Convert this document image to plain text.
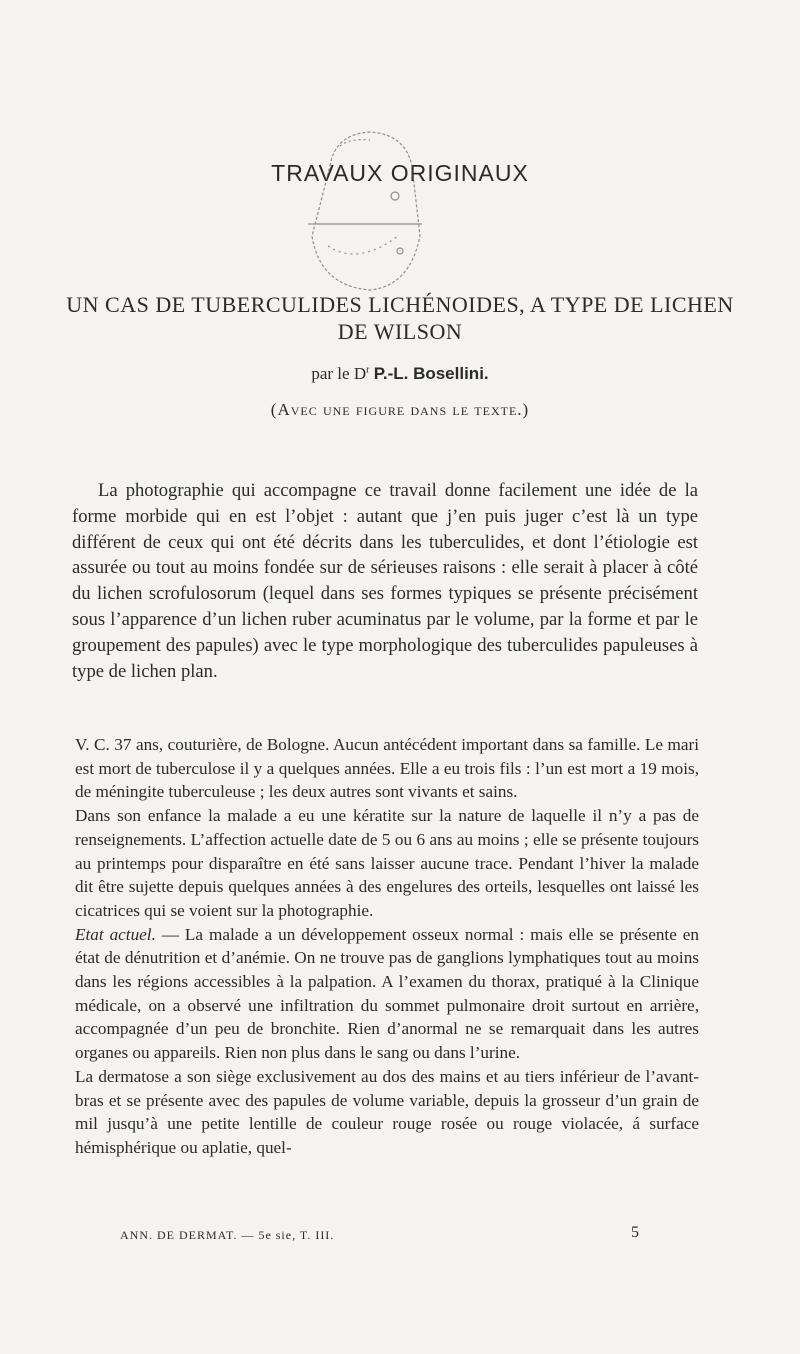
TRAVAUX ORIGINAUX
UN CAS DE TUBERCULIDES LICHÉNOIDES, A TYPE DE LICHEN
DE WILSON
par le $D^r$ P.-L. Bosellini.
(Avec une figure dans le texte.)

La photographie qui accompagne ce travail donne facilement une idée de la forme morbide qui en est l’objet : autant que j’en puis juger c’est là un type différent de ceux qui ont été décrits dans les tuberculides, et dont l’étiologie est assurée ou tout au moins fondée sur de sérieuses raisons : elle serait à placer à côté du lichen scrofulosorum (lequel dans ses formes typiques se présente précisément sous l’apparence d’un lichen ruber acuminatus par le volume, par la forme et par le groupement des papules) avec le type morphologique des tuberculides papuleuses à type de lichen plan.

V. C. 37 ans, couturière, de Bologne. Aucun antécédent important dans sa famille. Le mari est mort de tuberculose il y a quelques années. Elle a eu trois fils : l’un est mort a 19 mois, de méningite tuberculeuse ; les deux autres sont vivants et sains.

Dans son enfance la malade a eu une kératite sur la nature de laquelle il n’y a pas de renseignements. L’affection actuelle date de 5 ou 6 ans au moins ; elle se présente toujours au printemps pour disparaître en été sans laisser aucune trace. Pendant l’hiver la malade dit être sujette depuis quelques années à des engelures des orteils, lesquelles ont laissé les cicatrices qui se voient sur la photographie.

Etat actuel. — La malade a un développement osseux normal : mais elle se présente en état de dénutrition et d’anémie. On ne trouve pas de ganglions lymphatiques tout au moins dans les régions accessibles à la palpation. A l’examen du thorax, pratiqué à la Clinique médicale, on a observé une infiltration du sommet pulmonaire droit surtout en arrière, accompagnée d’un peu de bronchite. Rien d’anormal ne se remarquait dans les autres organes ou appareils. Rien non plus dans le sang ou dans l’urine.

La dermatose a son siège exclusivement au dos des mains et au tiers inférieur de l’avant-bras et se présente avec des papules de volume variable, depuis la grosseur d’un grain de mil jusqu’à une petite lentille de couleur rouge rosée ou rouge violacée, á surface hémisphérique ou aplatie, quel-

ANN. DE DERMAT. — 5e sie, T. III.	5
